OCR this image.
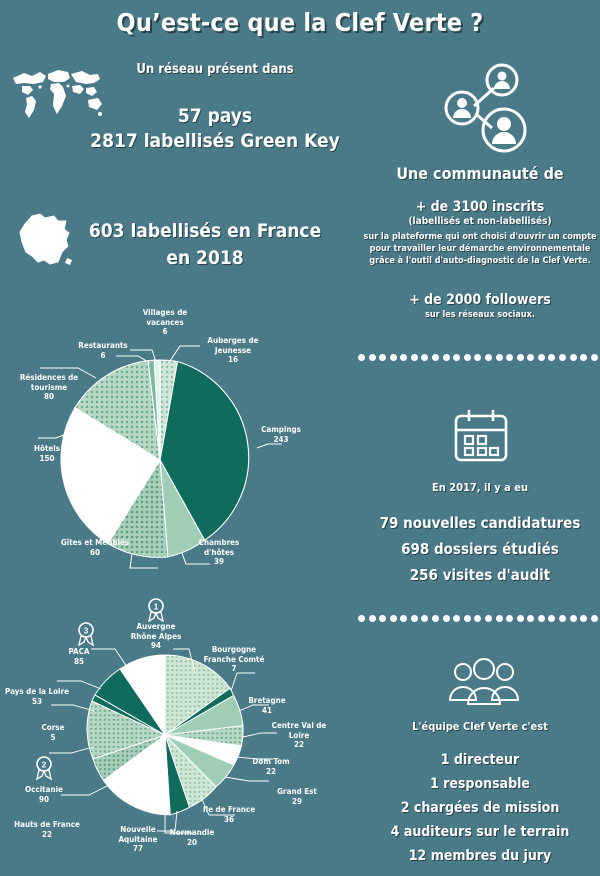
Qu’est-ce que la Clef Verte ?
Un réseau présent dans
57 pays
2817 labellisés Green Key
603 labellisés en France
en 2018
Villages de
vacances
6
Restaurants
6
Résidences de
tourisme
80
Hôtels
150
Gîtes et Meublés
60
Chambres
d'hôtes
39
Campings
243
Auberges de
Jeunesse
16
1
2
3	Auvergne
Rhône Alpes
94	Bourgogne
Franche Comté
7
Bretagne
41
Centre Val de
Loire
22
Dom Tom
22
Grand Est
29
Ile de France
36
Normandie
20
Nouvelle
Aquitaine
77
Hauts de France
22
Occitanie
90
Corse
5
Pays de la Loire
53
PACA
85
Une communauté de
+ de 3100 inscrits
(labellisés et non-labellisés)
sur la plateforme qui ont choisi d'ouvrir un compte
pour travailler leur démarche environnementale
grâce à l'outil d'auto-diagnostic de la Clef Verte.
+ de 2000 followers
sur les réseaux sociaux.
En 2017, il y a eu
79 nouvelles candidatures
698 dossiers étudiés
256 visites d'audit
L'équipe Clef Verte c'est
1 directeur
1 responsable
2 chargées de mission
4 auditeurs sur le terrain
12 membres du jury
